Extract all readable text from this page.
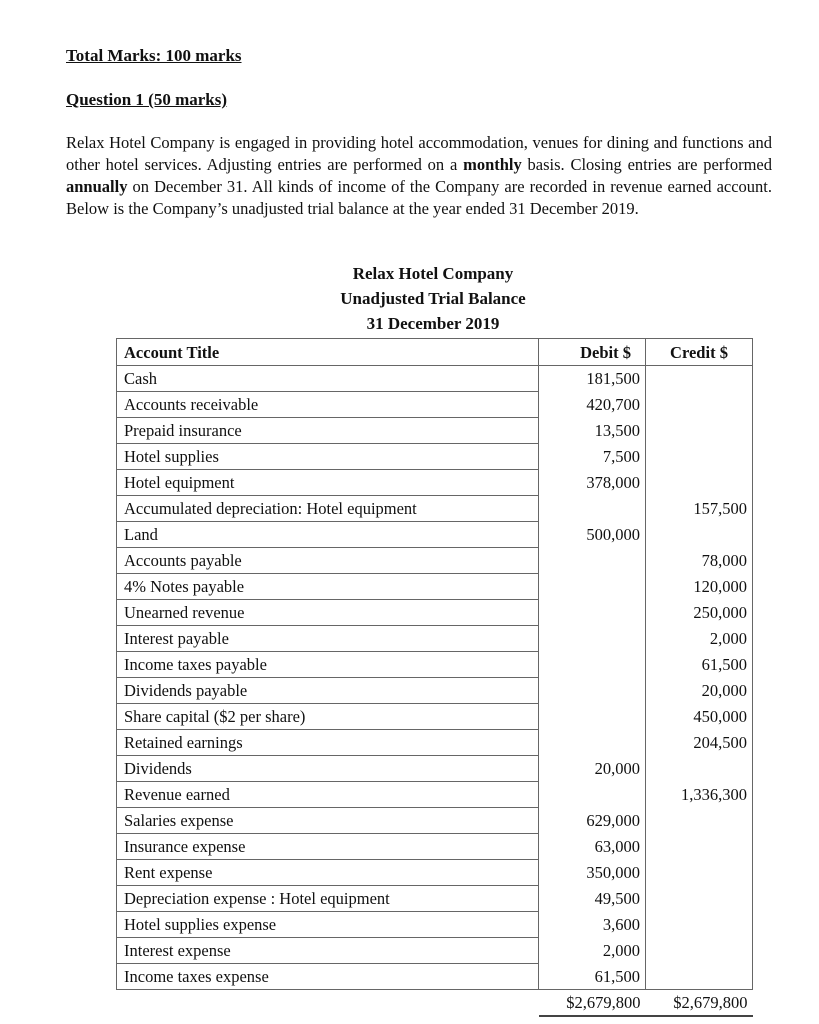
Total Marks: 100 marks
Question 1 (50 marks)

Relax Hotel Company is engaged in providing hotel accommodation, venues for dining and functions and other hotel services. Adjusting entries are performed on a monthly basis. Closing entries are performed annually on December 31. All kinds of income of the Company are recorded in revenue earned account. Below is the Company’s unadjusted trial balance at the year ended 31 December 2019.

Relax Hotel Company
Unadjusted Trial Balance
31 December 2019
Account Title	Debit $	Credit $
Cash	181,500	
Accounts receivable	420,700	
Prepaid insurance	13,500	
Hotel supplies	7,500	
Hotel equipment	378,000	
Accumulated depreciation: Hotel equipment		157,500
Land	500,000	
Accounts payable		78,000
4% Notes payable		120,000
Unearned revenue		250,000
Interest payable		2,000
Income taxes payable		61,500
Dividends payable		20,000
Share capital ($2 per share)		450,000
Retained earnings		204,500
Dividends	20,000	
Revenue earned		1,336,300
Salaries expense	629,000	
Insurance expense	63,000	
Rent expense	350,000	
Depreciation expense : Hotel equipment	49,500	
Hotel supplies expense	3,600	
Interest expense	2,000	
Income taxes expense	61,500	
	$2,679,800	$2,679,800
